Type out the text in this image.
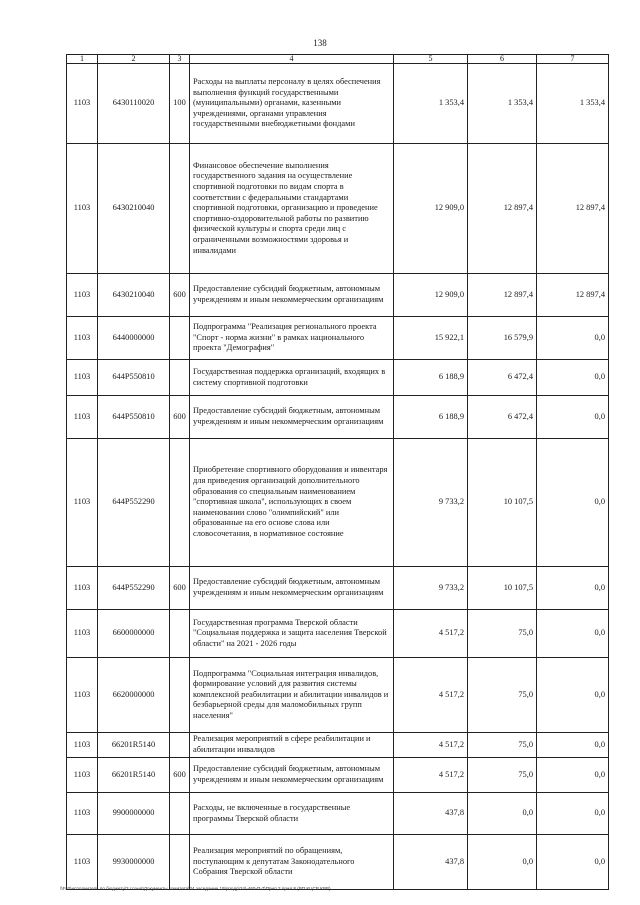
138
1	2	3	4	5	6	7
1103	6430110020	100	Расходы на выплаты персоналу в целях обеспечения выполнения функций государственными (муниципальными) органами, казенными учреждениями, органами управления государственными внебюджетными фондами	1 353,4	1 353,4	1 353,4
1103	6430210040		Финансовое обеспечение выполнения государственного задания на осуществление спортивной подготовки по видам спорта в соответствии с федеральными стандартами спортивной подготовки, организацию и проведение спортивно-оздоровительной работы по развитию физической культуры и спорта среди лиц с ограниченными возможностями здоровья и инвалидами	12 909,0	12 897,4	12 897,4
1103	6430210040	600	Предоставление субсидий бюджетным, автономным учреждениям и иным некоммерческим организациям	12 909,0	12 897,4	12 897,4
1103	6440000000		Подпрограмма "Реализация регионального проекта "Спорт - норма жизни" в рамках национального проекта "Демография"	15 922,1	16 579,9	0,0
1103	644P550810		Государственная поддержка организаций, входящих в систему спортивной подготовки	6 188,9	6 472,4	0,0
1103	644P550810	600	Предоставление субсидий бюджетным, автономным учреждениям и иным некоммерческим организациям	6 188,9	6 472,4	0,0
1103	644P552290		Приобретение спортивного оборудования и инвентаря для приведения организаций дополнительного образования со специальным наименованием "спортивная школа", использующих в своем наименовании слово "олимпийский" или образованные на его основе слова или словосочетания, в нормативное состояние	9 733,2	10 107,5	0,0
1103	644P552290	600	Предоставление субсидий бюджетным, автономным учреждениям и иным некоммерческим организациям	9 733,2	10 107,5	0,0
1103	6600000000		Государственная программа Тверской области "Социальная поддержка и защита населения Тверской области" на 2021 - 2026 годы	4 517,2	75,0	0,0
1103	6620000000		Подпрограмма "Социальная интеграция инвалидов, формирование условий для развития системы комплексной реабилитации и абилитации инвалидов и безбарьерной среды для маломобильных групп населения"	4 517,2	75,0	0,0
1103	66201R5140		Реализация мероприятий в сфере реабилитации и абилитации инвалидов	4 517,2	75,0	0,0
1103	66201R5140	600	Предоставление субсидий бюджетным, автономным учреждениям и иным некоммерческим организациям	4 517,2	75,0	0,0
1103	9900000000		Расходы, не включенные в государственные программы Тверской области	437,8	0,0	0,0
1103	9930000000		Реализация мероприятий по обращениям, поступающим к депутатам Законодательного Собрания Тверской области	437,8	0,0	0,0
\\Fs0\исполнитель по бюджету\3 созыв\Документы комитета\24 заседание 19\рподр\24\-460-П-7\Прил 3 прил 8 (РП КЦСР КВР)
